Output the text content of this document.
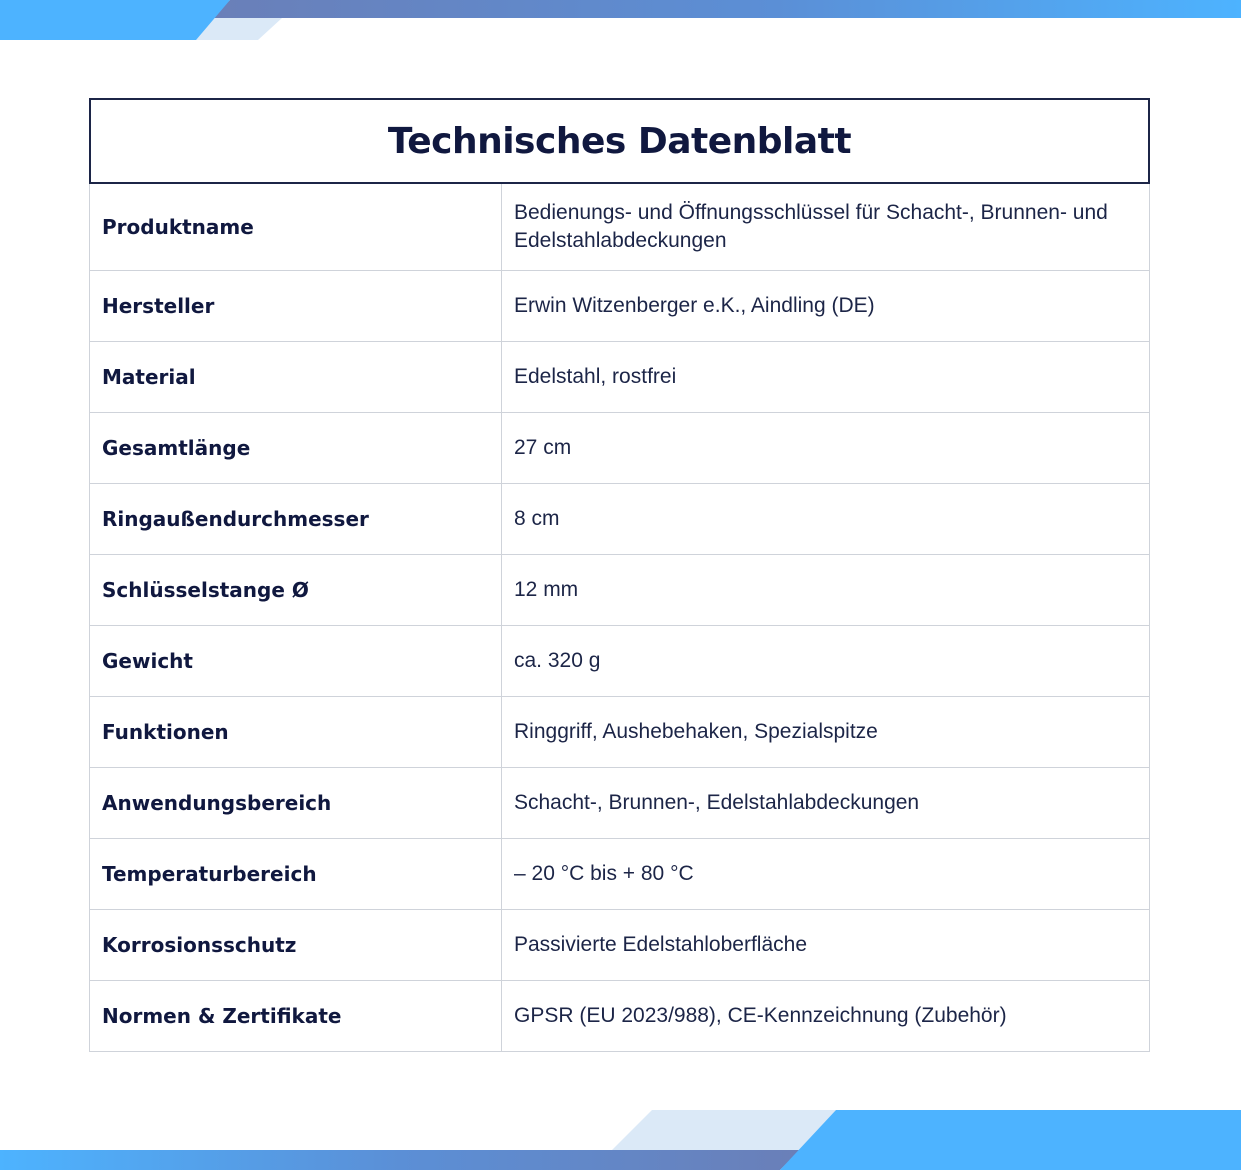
Technisches Datenblatt
Produktname	Bedienungs- und Öffnungsschlüssel für Schacht-, Brunnen- und Edelstahlabdeckungen
Hersteller	Erwin Witzenberger e.K., Aindling (DE)
Material	Edelstahl, rostfrei
Gesamtlänge	27 cm
Ringaußendurchmesser	8 cm
Schlüsselstange Ø	12 mm
Gewicht	ca. 320 g
Funktionen	Ringgriff, Aushebehaken, Spezialspitze
Anwendungsbereich	Schacht-, Brunnen-, Edelstahlabdeckungen
Temperaturbereich	– 20 °C bis + 80 °C
Korrosionsschutz	Passivierte Edelstahloberfläche
Normen & Zertifikate	GPSR (EU 2023/988), CE-Kennzeichnung (Zubehör)
